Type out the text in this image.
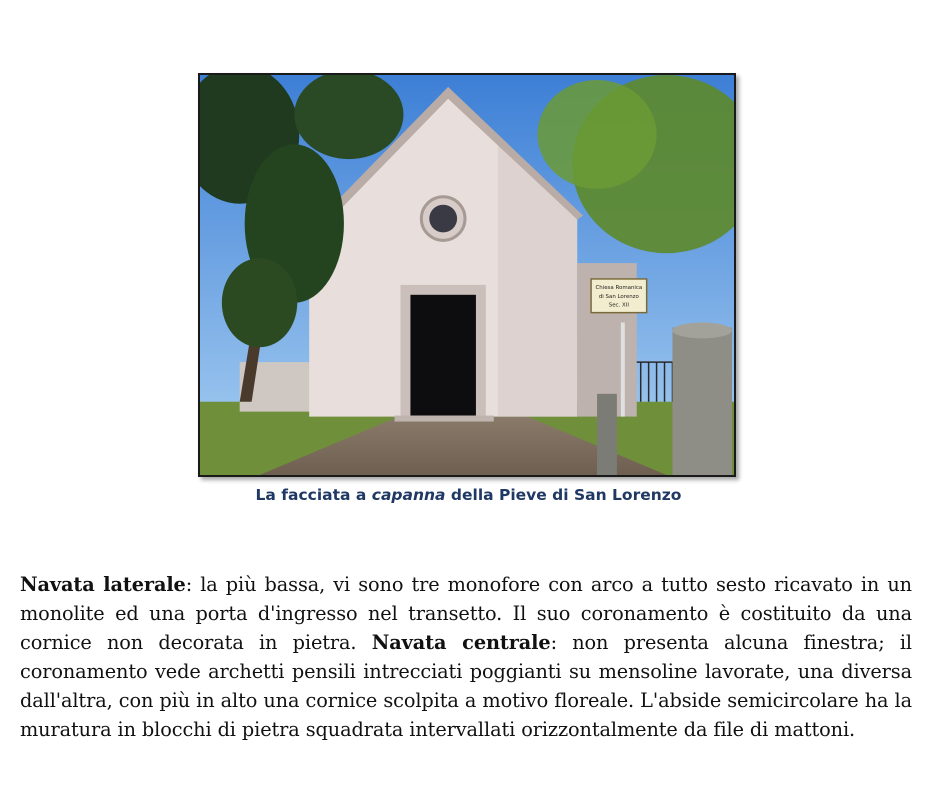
Chiesa Romanica
di San Lorenzo
Sec. XII
La facciata a capanna della Pieve di San Lorenzo
Navata laterale: la più bassa, vi sono tre monofore con arco a tutto sesto ricavato in un monolite ed una porta d'ingresso nel transetto. Il suo coronamento è costituito da una cornice non decorata in pietra. Navata centrale: non presenta alcuna finestra; il coronamento vede archetti pensili intrecciati poggianti su mensoline lavorate, una diversa dall'altra, con più in alto una cornice scolpita a motivo floreale. L'abside semicircolare ha la muratura in blocchi di pietra squadrata intervallati orizzontalmente da file di mattoni.
